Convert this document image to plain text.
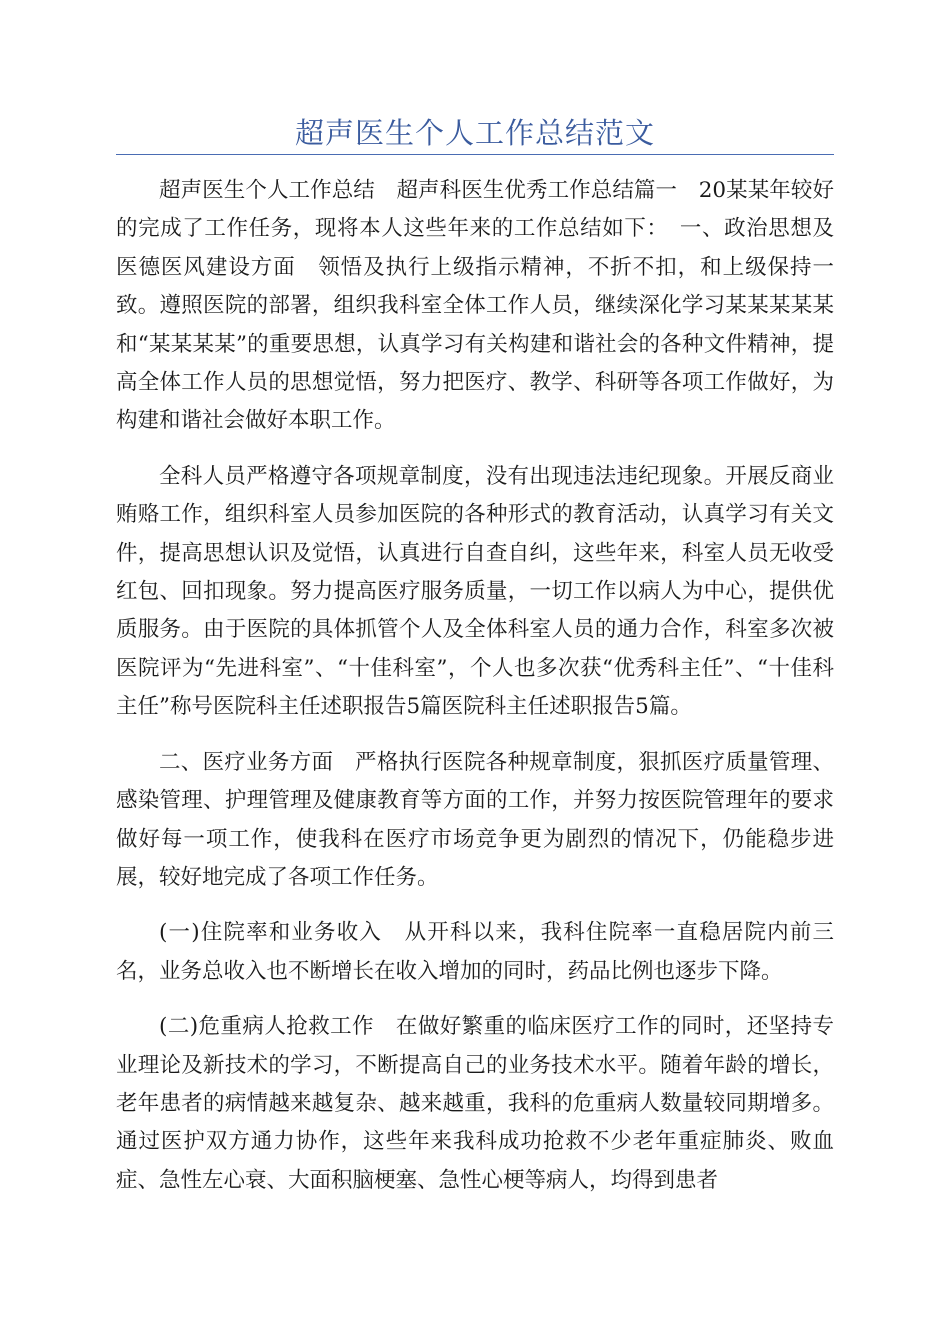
超声医生个人工作总结范文

超声医生个人工作总结　超声科医生优秀工作总结篇一　20某某年较好的完成了工作任务，现将本人这些年来的工作总结如下：　一、政治思想及医德医风建设方面　领悟及执行上级指示精神，不折不扣，和上级保持一致。遵照医院的部署，组织我科室全体工作人员，继续深化学习某某某某某和“某某某某”的重要思想，认真学习有关构建和谐社会的各种文件精神，提高全体工作人员的思想觉悟，努力把医疗、教学、科研等各项工作做好，为构建和谐社会做好本职工作。

全科人员严格遵守各项规章制度，没有出现违法违纪现象。开展反商业贿赂工作，组织科室人员参加医院的各种形式的教育活动，认真学习有关文件，提高思想认识及觉悟，认真进行自查自纠，这些年来，科室人员无收受红包、回扣现象。努力提高医疗服务质量，一切工作以病人为中心，提供优质服务。由于医院的具体抓管个人及全体科室人员的通力合作，科室多次被医院评为“先进科室”、“十佳科室”，个人也多次获“优秀科主任”、“十佳科主任”称号医院科主任述职报告5篇医院科主任述职报告5篇。

二、医疗业务方面　严格执行医院各种规章制度，狠抓医疗质量管理、感染管理、护理管理及健康教育等方面的工作，并努力按医院管理年的要求做好每一项工作，使我科在医疗市场竞争更为剧烈的情况下，仍能稳步进展，较好地完成了各项工作任务。

(一)住院率和业务收入　从开科以来，我科住院率一直稳居院内前三名，业务总收入也不断增长在收入增加的同时，药品比例也逐步下降。

(二)危重病人抢救工作　在做好繁重的临床医疗工作的同时，还坚持专业理论及新技术的学习，不断提高自己的业务技术水平。随着年龄的增长，老年患者的病情越来越复杂、越来越重，我科的危重病人数量较同期增多。通过医护双方通力协作，这些年来我科成功抢救不少老年重症肺炎、败血症、急性左心衰、大面积脑梗塞、急性心梗等病人，均得到患者
